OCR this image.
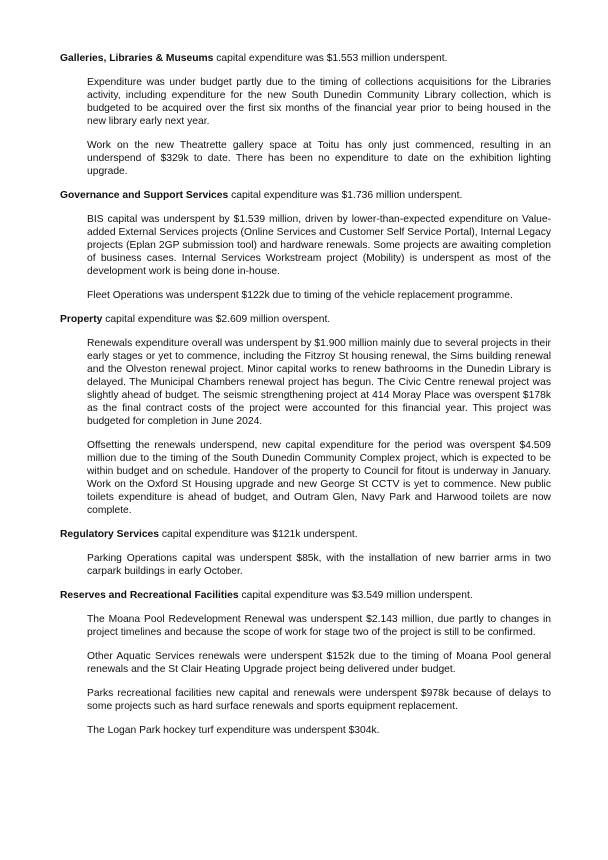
Galleries, Libraries & Museums capital expenditure was $1.553 million underspent.

Expenditure was under budget partly due to the timing of collections acquisitions for the Libraries activity, including expenditure for the new South Dunedin Community Library collection, which is budgeted to be acquired over the first six months of the financial year prior to being housed in the new library early next year.

Work on the new Theatrette gallery space at Toitu has only just commenced, resulting in an underspend of $329k to date. There has been no expenditure to date on the exhibition lighting upgrade.

Governance and Support Services capital expenditure was $1.736 million underspent.

BIS capital was underspent by $1.539 million, driven by lower-than-expected expenditure on Value-added External Services projects (Online Services and Customer Self Service Portal), Internal Legacy projects (Eplan 2GP submission tool) and hardware renewals. Some projects are awaiting completion of business cases. Internal Services Workstream project (Mobility) is underspent as most of the development work is being done in-house.

Fleet Operations was underspent $122k due to timing of the vehicle replacement programme.

Property capital expenditure was $2.609 million overspent.

Renewals expenditure overall was underspent by $1.900 million mainly due to several projects in their early stages or yet to commence, including the Fitzroy St housing renewal, the Sims building renewal and the Olveston renewal project. Minor capital works to renew bathrooms in the Dunedin Library is delayed. The Municipal Chambers renewal project has begun. The Civic Centre renewal project was slightly ahead of budget. The seismic strengthening project at 414 Moray Place was overspent $178k as the final contract costs of the project were accounted for this financial year. This project was budgeted for completion in June 2024.

Offsetting the renewals underspend, new capital expenditure for the period was overspent $4.509 million due to the timing of the South Dunedin Community Complex project, which is expected to be within budget and on schedule. Handover of the property to Council for fitout is underway in January. Work on the Oxford St Housing upgrade and new George St CCTV is yet to commence. New public toilets expenditure is ahead of budget, and Outram Glen, Navy Park and Harwood toilets are now complete.

Regulatory Services capital expenditure was $121k underspent.

Parking Operations capital was underspent $85k, with the installation of new barrier arms in two carpark buildings in early October.

Reserves and Recreational Facilities capital expenditure was $3.549 million underspent.

The Moana Pool Redevelopment Renewal was underspent $2.143 million, due partly to changes in project timelines and because the scope of work for stage two of the project is still to be confirmed.

Other Aquatic Services renewals were underspent $152k due to the timing of Moana Pool general renewals and the St Clair Heating Upgrade project being delivered under budget.

Parks recreational facilities new capital and renewals were underspent $978k because of delays to some projects such as hard surface renewals and sports equipment replacement.

The Logan Park hockey turf expenditure was underspent $304k.
